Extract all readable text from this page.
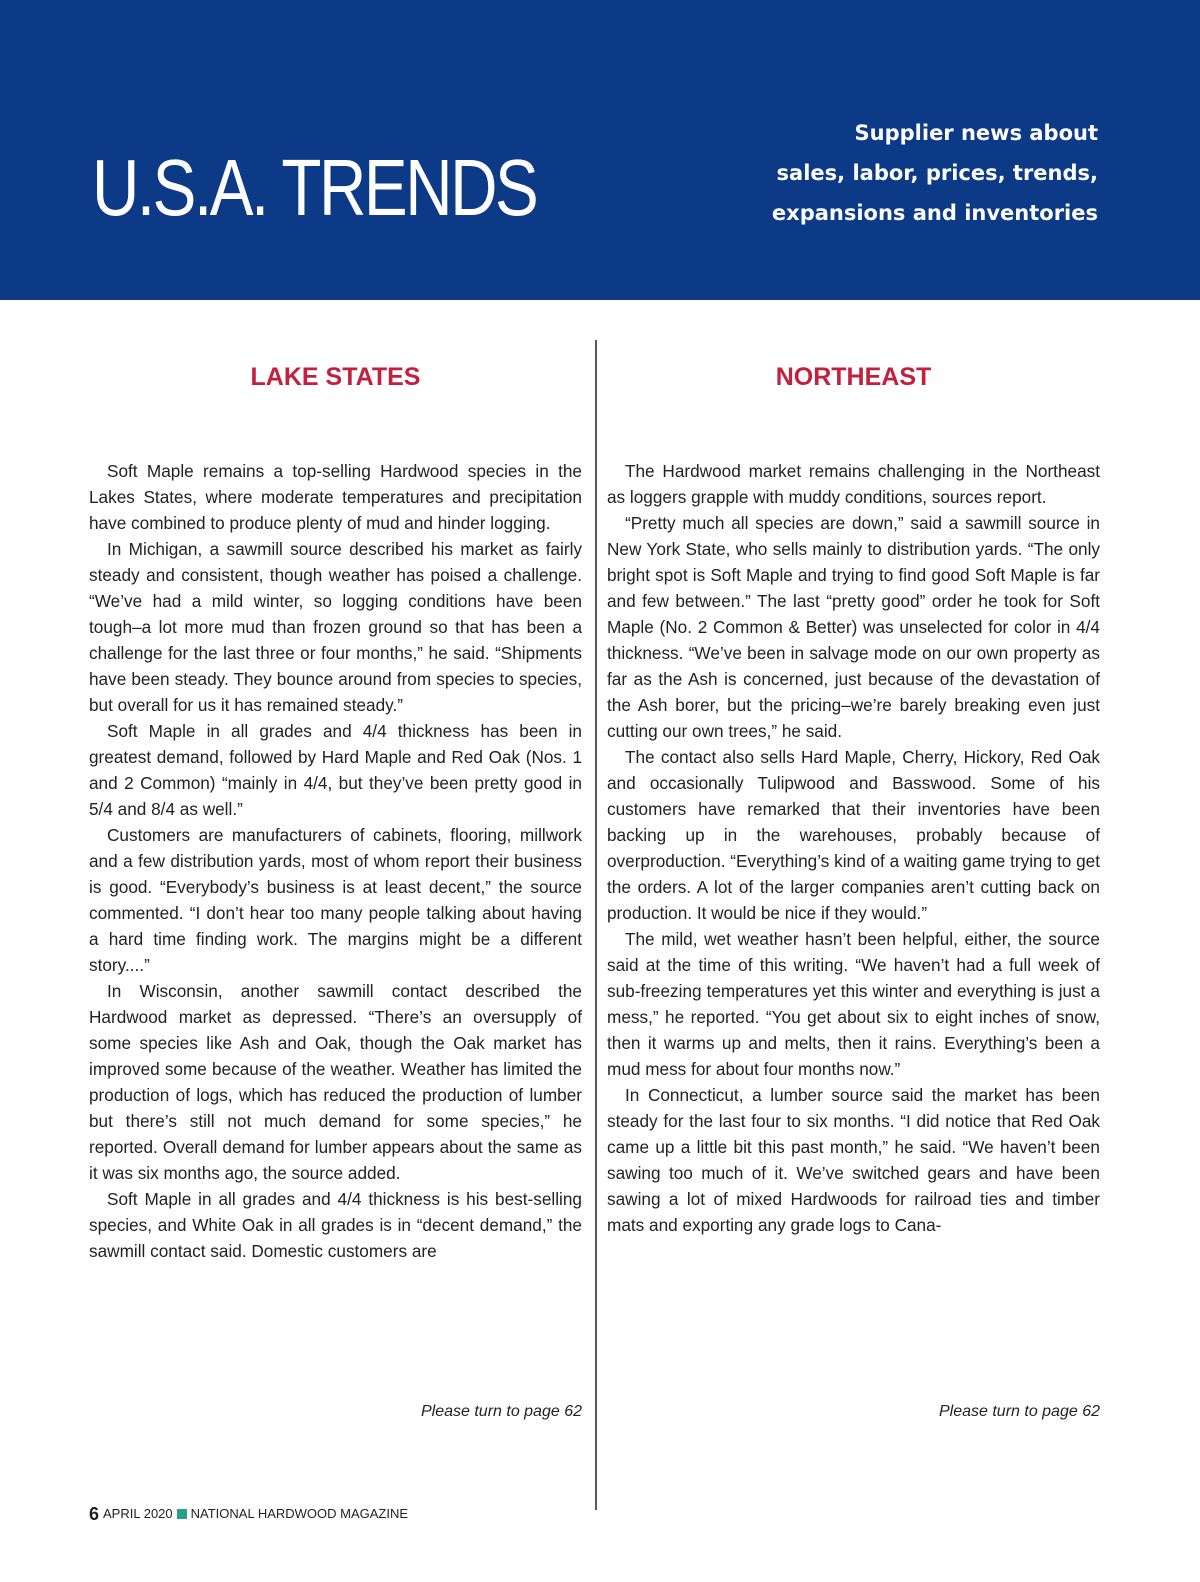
U.S.A. TRENDS
Supplier news about
sales, labor, prices, trends,
expansions and inventories
LAKE STATES

Soft Maple remains a top-selling Hardwood species in the Lakes States, where moderate temperatures and precipitation have combined to produce plenty of mud and hinder logging.

In Michigan, a sawmill source described his market as fairly steady and consistent, though weather has poised a challenge. “We’ve had a mild winter, so logging conditions have been tough–a lot more mud than frozen ground so that has been a challenge for the last three or four months,” he said. “Shipments have been steady. They bounce around from species to species, but overall for us it has remained steady.”

Soft Maple in all grades and 4/4 thickness has been in greatest demand, followed by Hard Maple and Red Oak (Nos. 1 and 2 Common) “mainly in 4/4, but they’ve been pretty good in 5/4 and 8/4 as well.”

Customers are manufacturers of cabinets, flooring, millwork and a few distribution yards, most of whom report their business is good. “Everybody’s business is at least decent,” the source commented. “I don’t hear too many people talking about having a hard time finding work. The margins might be a different story....”

In Wisconsin, another sawmill contact described the Hardwood market as depressed. “There’s an oversupply of some species like Ash and Oak, though the Oak market has improved some because of the weather. Weather has limited the production of logs, which has reduced the production of lumber but there’s still not much demand for some species,” he reported. Overall demand for lumber appears about the same as it was six months ago, the source added.

Soft Maple in all grades and 4/4 thickness is his best-selling species, and White Oak in all grades is in “decent demand,” the sawmill contact said. Domestic customers are

Please turn to page 62

NORTHEAST

The Hardwood market remains challenging in the Northeast as loggers grapple with muddy conditions, sources report.

“Pretty much all species are down,” said a sawmill source in New York State, who sells mainly to distribution yards. “The only bright spot is Soft Maple and trying to find good Soft Maple is far and few between.” The last “pretty good” order he took for Soft Maple (No. 2 Common & Better) was unselected for color in 4/4 thickness. “We’ve been in salvage mode on our own property as far as the Ash is concerned, just because of the devastation of the Ash borer, but the pricing–we’re barely breaking even just cutting our own trees,” he said.

The contact also sells Hard Maple, Cherry, Hickory, Red Oak and occasionally Tulipwood and Basswood. Some of his customers have remarked that their inventories have been backing up in the warehouses, probably because of overproduction. “Everything’s kind of a waiting game trying to get the orders. A lot of the larger companies aren’t cutting back on production. It would be nice if they would.”

The mild, wet weather hasn’t been helpful, either, the source said at the time of this writing. “We haven’t had a full week of sub-freezing temperatures yet this winter and everything is just a mess,” he reported. “You get about six to eight inches of snow, then it warms up and melts, then it rains. Everything’s been a mud mess for about four months now.”

In Connecticut, a lumber source said the market has been steady for the last four to six months. “I did notice that Red Oak came up a little bit this past month,” he said. “We haven’t been sawing too much of it. We’ve switched gears and have been sawing a lot of mixed Hardwoods for railroad ties and timber mats and exporting any grade logs to Cana-

Please turn to page 62

6 APRIL 2020 NATIONAL HARDWOOD MAGAZINE
